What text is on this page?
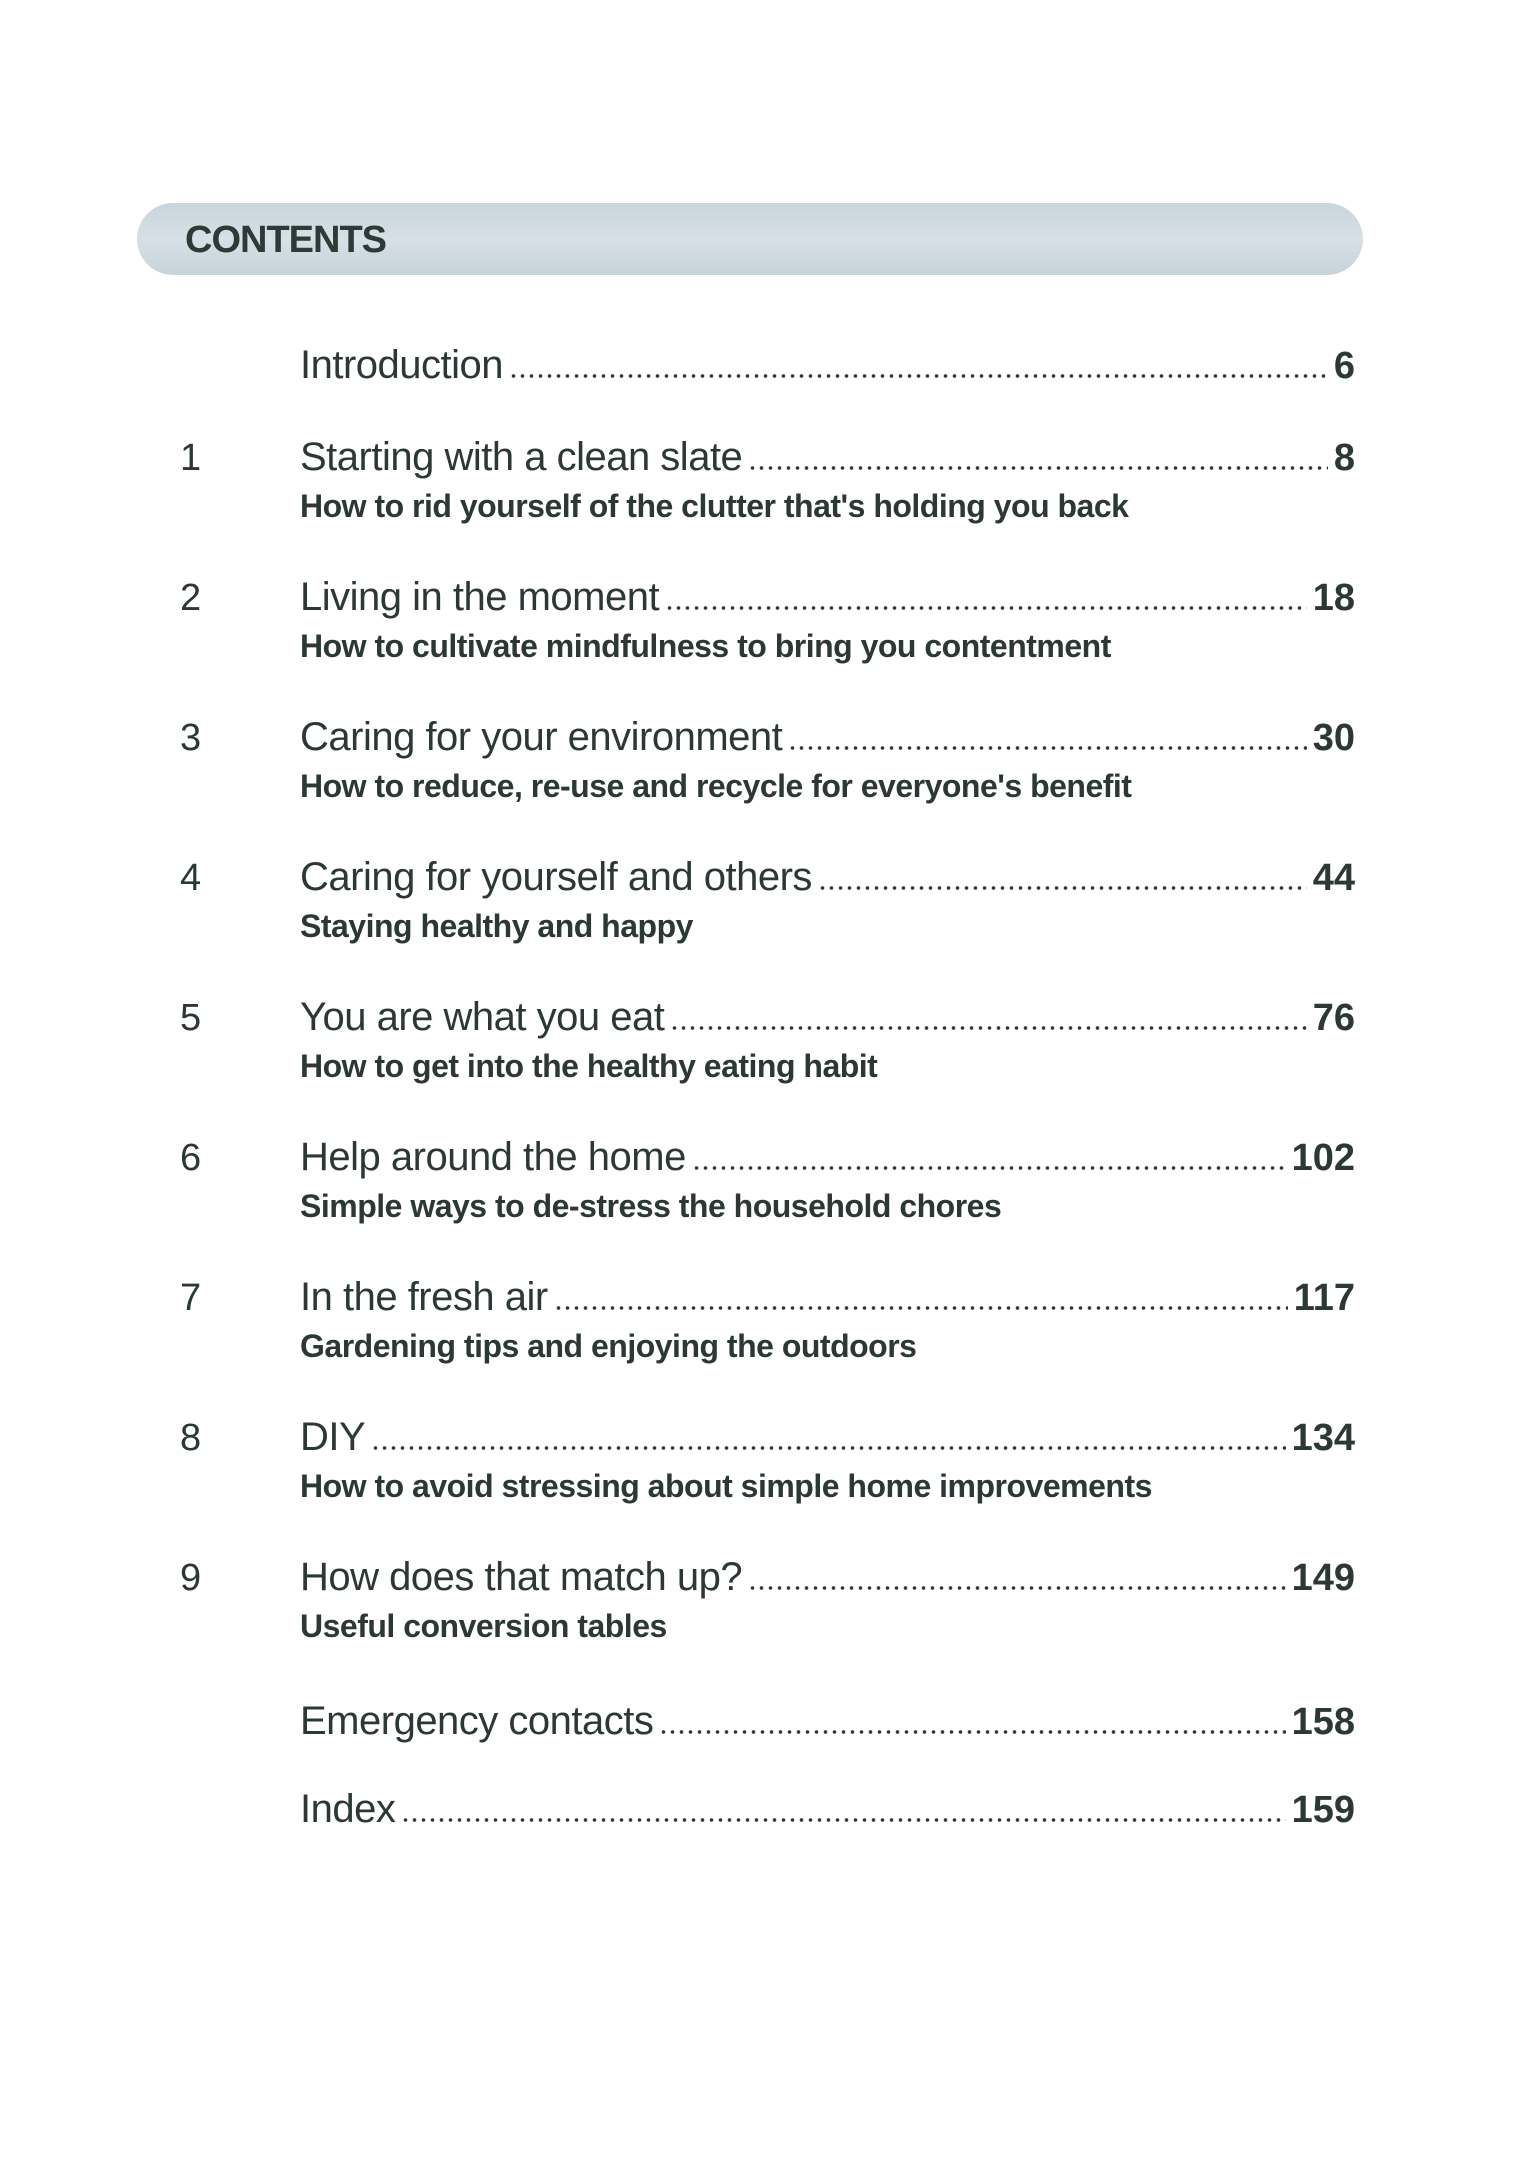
CONTENTS
Introduction	6
1	Starting with a clean slate	8
How to rid yourself of the clutter that's holding you back
2	Living in the moment	18
How to cultivate mindfulness to bring you contentment
3	Caring for your environment	30
How to reduce, re-use and recycle for everyone's benefit
4	Caring for yourself and others	44
Staying healthy and happy
5	You are what you eat	76
How to get into the healthy eating habit
6	Help around the home	102
Simple ways to de-stress the household chores
7	In the fresh air	117
Gardening tips and enjoying the outdoors
8	DIY	134
How to avoid stressing about simple home improvements
9	How does that match up?	149
Useful conversion tables
Emergency contacts	158
Index	159
